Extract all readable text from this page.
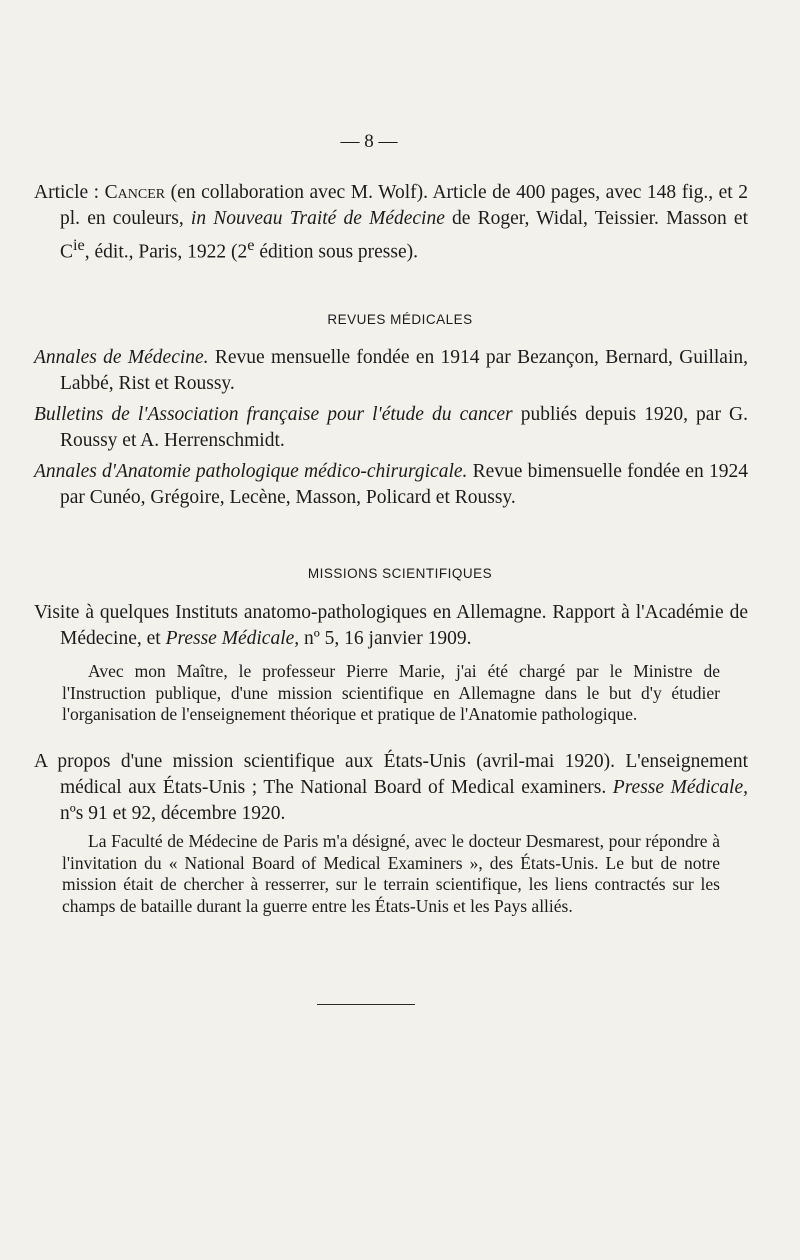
— 8 —

Article : Cancer (en collaboration avec M. Wolf). Article de 400 pages, avec 148 fig., et 2 pl. en couleurs, in Nouveau Traité de Médecine de Roger, Widal, Teissier. Masson et $C^{ie}$, édit., Paris, 1922 (2e édition sous presse).

REVUES MÉDICALES

Annales de Médecine. Revue mensuelle fondée en 1914 par Bezançon, Bernard, Guillain, Labbé, Rist et Roussy.

Bulletins de l'Association française pour l'étude du cancer publiés depuis 1920, par G. Roussy et A. Herrenschmidt.

Annales d'Anatomie pathologique médico-chirurgicale. Revue bimensuelle fondée en 1924 par Cunéo, Grégoire, Lecène, Masson, Policard et Roussy.

MISSIONS SCIENTIFIQUES

Visite à quelques Instituts anatomo-pathologiques en Allemagne. Rapport à l'Académie de Médecine, et Presse Médicale, nº 5, 16 janvier 1909.

Avec mon Maître, le professeur Pierre Marie, j'ai été chargé par le Ministre de l'Instruction publique, d'une mission scientifique en Allemagne dans le but d'y étudier l'organisation de l'enseignement théorique et pratique de l'Anatomie pathologique.

A propos d'une mission scientifique aux États-Unis (avril-mai 1920). L'enseignement médical aux États-Unis ; The National Board of Medical examiners. Presse Médicale, nºs 91 et 92, décembre 1920.

La Faculté de Médecine de Paris m'a désigné, avec le docteur Desmarest, pour répondre à l'invitation du « National Board of Medical Examiners », des États-Unis. Le but de notre mission était de chercher à resserrer, sur le terrain scientifique, les liens contractés sur les champs de bataille durant la guerre entre les États-Unis et les Pays alliés.
